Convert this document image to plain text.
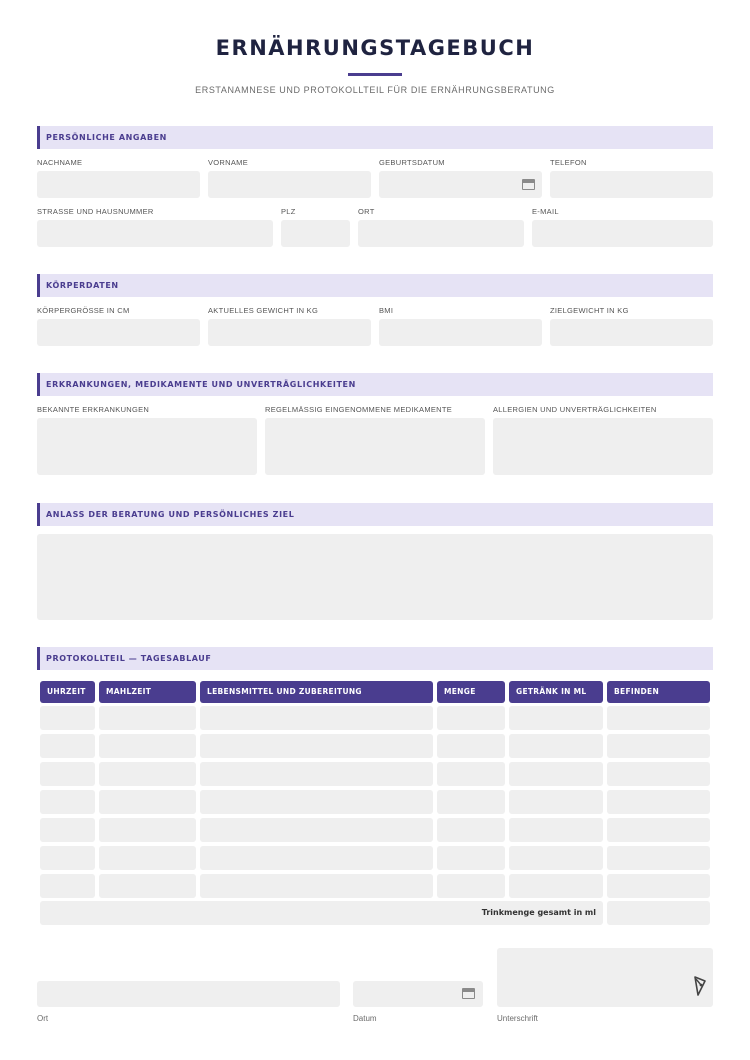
ERNÄHRUNGSTAGEBUCH
ERSTANAMNESE UND PROTOKOLLTEIL FÜR DIE ERNÄHRUNGSBERATUNG
PERSÖNLICHE ANGABEN
NACHNAME	VORNAME	GEBURTSDATUM	TELEFON
STRASSE UND HAUSNUMMER	PLZ	ORT	E-MAIL
KÖRPERDATEN
KÖRPERGRÖSSE IN CM	AKTUELLES GEWICHT IN KG	BMI	ZIELGEWICHT IN KG
ERKRANKUNGEN, MEDIKAMENTE UND UNVERTRÄGLICHKEITEN
BEKANNTE ERKRANKUNGEN	REGELMÄSSIG EINGENOMMENE MEDIKAMENTE	ALLERGIEN UND UNVERTRÄGLICHKEITEN
ANLASS DER BERATUNG UND PERSÖNLICHES ZIEL
PROTOKOLLTEIL — TAGESABLAUF
UHRZEIT	MAHLZEIT	LEBENSMITTEL UND ZUBEREITUNG	MENGE	GETRÄNK IN ML	BEFINDEN
Trinkmenge gesamt in ml
Ort	Datum	Unterschrift
